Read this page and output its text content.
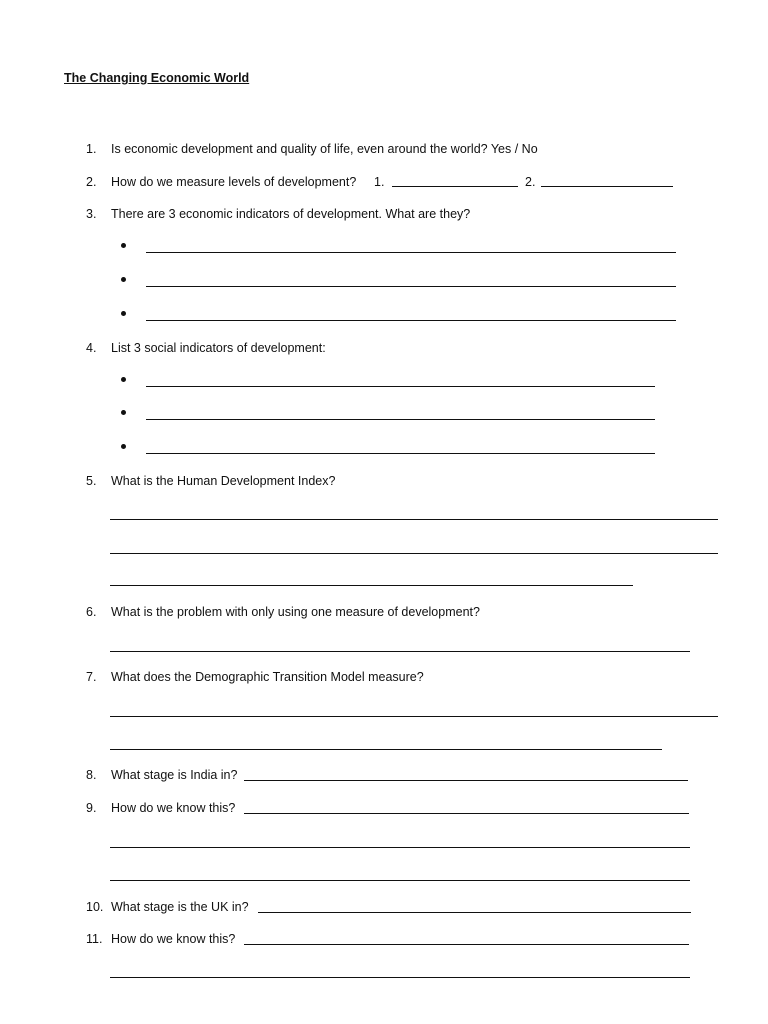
The Changing Economic World
1.	Is economic development and quality of life, even around the world? Yes / No
2.	How do we measure levels of development? 1.	2.
3.	There are 3 economic indicators of development. What are they?
4.	List 3 social indicators of development:
5.	What is the Human Development Index?
6.	What is the problem with only using one measure of development?
7.	What does the Demographic Transition Model measure?
8.	What stage is India in?
9.	How do we know this?
10. What stage is the UK in?
11. How do we know this?
